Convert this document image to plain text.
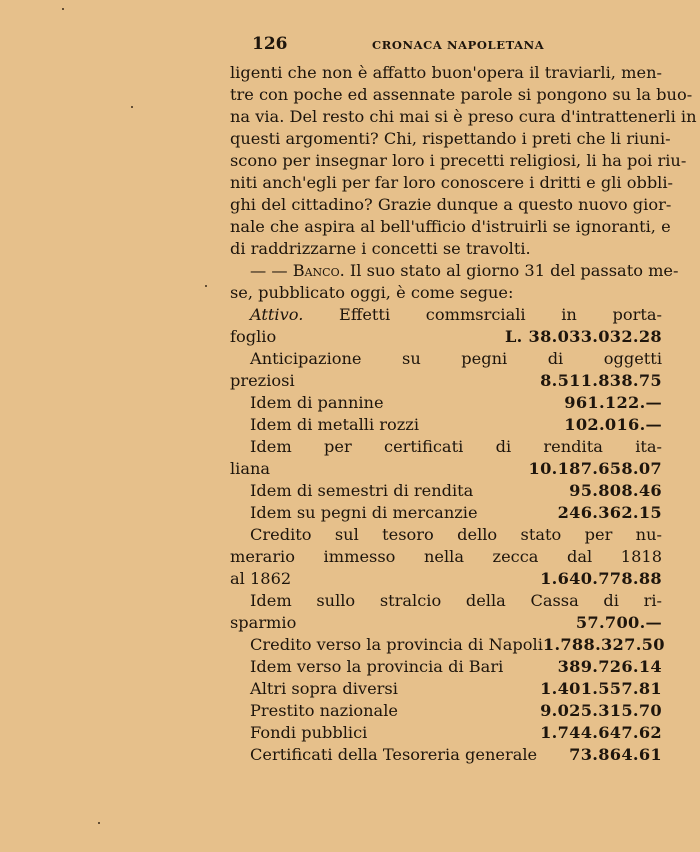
126	CRONACA NAPOLETANA
ligenti che non è affatto buon'opera il traviarli, men-
tre con poche ed assennate parole si pongono su la buo-
na via. Del resto chi mai si è preso cura d'intrattenerli in
questi argomenti? Chi, rispettando i preti che li riuni-
scono per insegnar loro i precetti religiosi, li ha poi riu-
niti anch'egli per far loro conoscere i dritti e gli obbli-
ghi del cittadino? Grazie dunque a questo nuovo gior-
nale che aspira al bell'ufficio d'istruirli se ignoranti, e
di raddrizzarne i concetti se travolti.
— — Banco. Il suo stato al giorno 31 del passato me-
se, pubblicato oggi, è come segue:
Attivo. Effetti commsrciali in porta-
foglio	L. 38.033.032.28
Anticipazione su pegni di oggetti
preziosi	8.511.838.75
Idem di pannine	961.122.—
Idem di metalli rozzi	102.016.—
Idem per certificati di rendita ita-
liana	10.187.658.07
Idem di semestri di rendita	95.808.46
Idem su pegni di mercanzie	246.362.15
Credito sul tesoro dello stato per nu-
merario immesso nella zecca dal 1818
al 1862	1.640.778.88
Idem sullo stralcio della Cassa di ri-
sparmio	57.700.—
Credito verso la provincia di Napoli 1.788.327.50
Idem verso la provincia di Bari	389.726.14
Altri sopra diversi	1.401.557.81
Prestito nazionale	9.025.315.70
Fondi pubblici	1.744.647.62
Certificati della Tesoreria generale 73.864.61
